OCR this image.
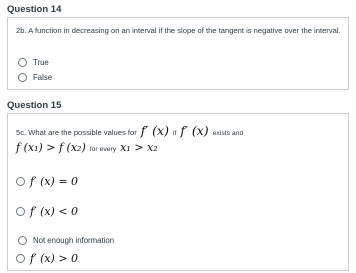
Question 14
2b. A function in decreasing on an interval if the slope of the tangent is negative over the interval.
True
False
Question 15
5c. What are the possible values for f′ (x) if f′ (x) exists and
f (x₁) > f (x₂) for every x₁ > x₂
f′ (x) = 0
f′ (x) < 0
Not enough information
f′ (x) > 0
